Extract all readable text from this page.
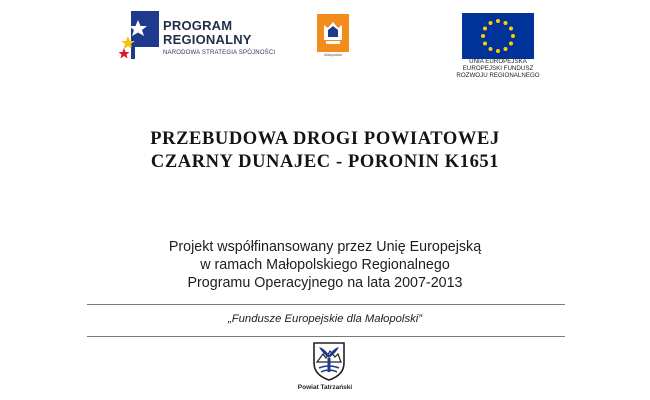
PROGRAM
REGIONALNY
NARODOWA STRATEGIA SPÓJNOŚCI	Małopolska
UNIA EUROPEJSKA
EUROPEJSKI FUNDUSZ
ROZWOJU REGIONALNEGO
PRZEBUDOWA DROGI POWIATOWEJ
CZARNY DUNAJEC - PORONIN K1651
Projekt współfinansowany przez Unię Europejską
w ramach Małopolskiego Regionalnego
Programu Operacyjnego na lata 2007-2013
„Fundusze Europejskie dla Małopolski”
Powiat Tatrzański
